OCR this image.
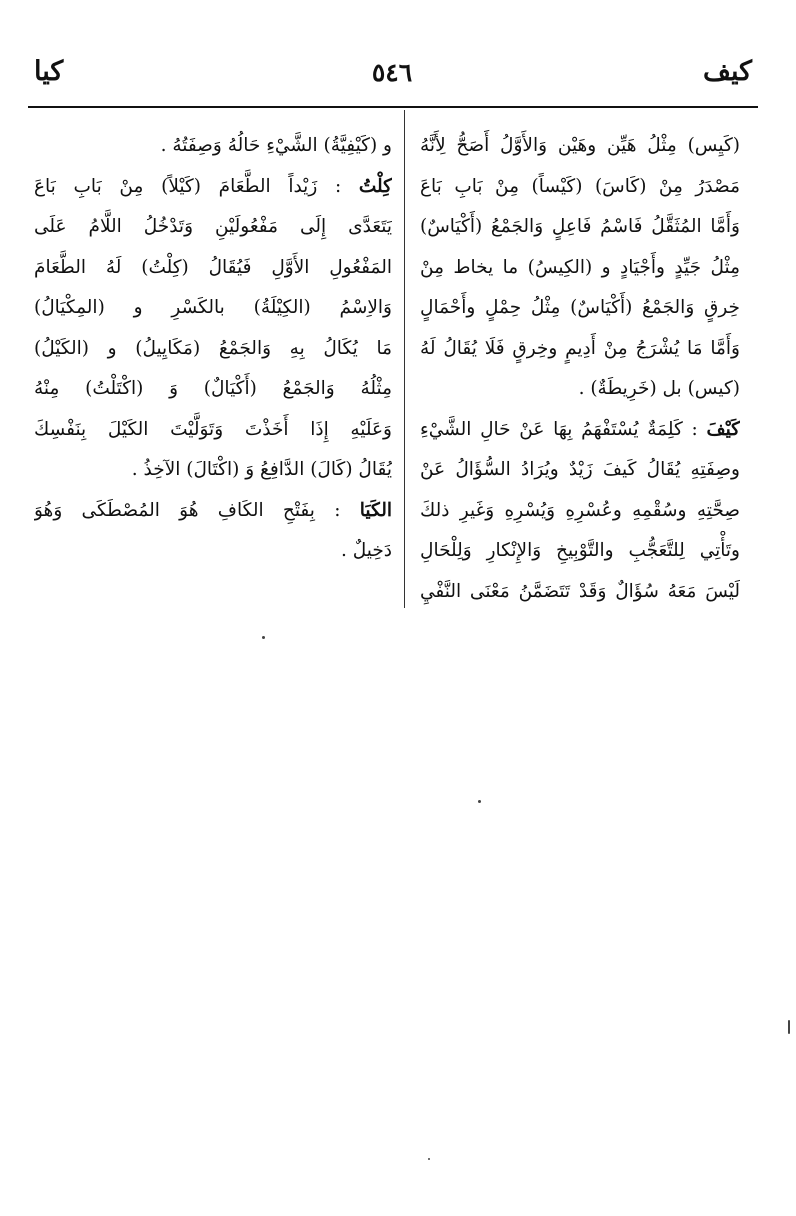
كيا	٥٤٦	كيف
(كَيِس) مِثْلُ هَيِّن وهَيْن وَالأَوَّلُ أَصَحُّ لِأَنَّهُ
مَصْدَرُ مِنْ (كَاسَ) (كَيْساً) مِنْ بَابِ بَاعَ
وَأَمَّا المُثَقَّلُ فَاسْمُ فَاعِلٍ وَالجَمْعُ (أَكْيَاسٌ)
مِثْلُ جَيِّدٍ وأَجْيَادٍ و (الكِيسُ) ما يخاط مِنْ
خِرقٍ وَالجَمْعُ (أَكْيَاسٌ) مِثْلُ حِمْلٍ وأَحْمَالٍ
وَأَمَّا مَا يُشْرَجُ مِنْ أَدِيمٍ وخِرقٍ فَلَا يُقَالُ لَهُ
(كيس) بل (خَرِيطَةٌ) .
كَيْفَ : كَلِمَةٌ يُسْتَفْهَمُ بِهَا عَنْ حَالِ الشَّيْءِ
وصِفَتِهِ يُقَالُ كَيفَ زَيْدٌ ويُرَادُ السُّؤَالُ عَنْ
صِحَّتِهِ وسُقْمِهِ وعُسْرِهِ وَيُسْرِهِ وَغَيرِ ذلكَ
وتَأْتِي لِلتَّعَجُّبِ والتَّوْبِيخِ وَالإِنْكارِ وَلِلْحَالِ
لَيْسَ مَعَهُ سُؤَالٌ وَقَدْ تَتَضَمَّنُ مَعْنَى النَّفْيِ
و (كَيْفِيَّةُ) الشَّيْءِ حَالُهُ وَصِفَتُهُ .
كِلْتُ : زَيْداً الطَّعَامَ (كَيْلاً) مِنْ بَابِ بَاعَ
يَتَعَدَّى إِلَى مَفْعُولَيْنِ وَتَدْخُلُ اللَّامُ عَلَى
المَفْعُولِ الأَوَّلِ فَيُقَالُ (كِلْتُ) لَهُ الطَّعَامَ
وَالاِسْمُ (الكِيْلَةُ) بالكَسْرِ و (المِكْيَالُ)
مَا يُكَالُ بِهِ وَالجَمْعُ (مَكَايِيلُ) و (الكَيْلُ)
مِثْلُهُ وَالجَمْعُ (أَكْيَالٌ) وَ (اكْتَلْتُ) مِنْهُ
وَعَلَيْهِ إِذَا أَخَذْتَ وَتَوَلَّيْتَ الكَيْلَ بِنَفْسِكَ
يُقَالُ (كَالَ) الدَّافِعُ وَ (اكْتَالَ) الآخِذُ .
الكَيَا : بِفَتْحِ الكَافِ هُوَ المُصْطَكَى وَهُوَ
دَخِيلٌ .
